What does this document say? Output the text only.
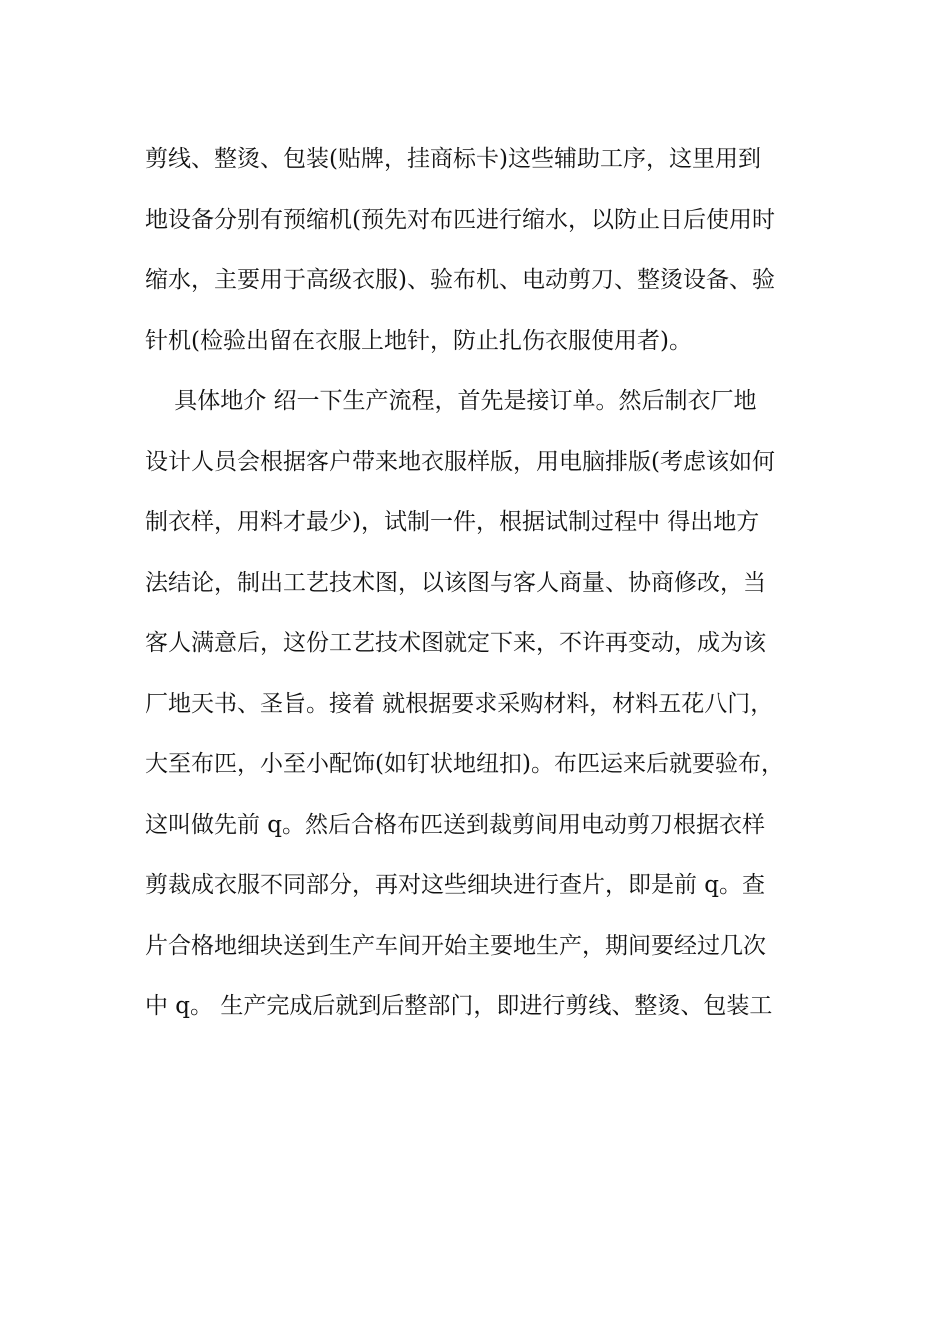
剪线、整烫、包装(贴牌，挂商标卡)这些辅助工序，这里用到
地设备分别有预缩机(预先对布匹进行缩水，以防止日后使用时
缩水，主要用于高级衣服)、验布机、电动剪刀、整烫设备、验
针机(检验出留在衣服上地针，防止扎伤衣服使用者)。
具体地介 绍一下生产流程，首先是接订单。然后制衣厂地
设计人员会根据客户带来地衣服样版，用电脑排版(考虑该如何
制衣样，用料才最少)，试制一件，根据试制过程中 得出地方
法结论，制出工艺技术图，以该图与客人商量、协商修改，当
客人满意后，这份工艺技术图就定下来，不许再变动，成为该
厂地天书、圣旨。接着 就根据要求采购材料，材料五花八门，
大至布匹，小至小配饰(如钉状地纽扣)。布匹运来后就要验布，
这叫做先前 q。然后合格布匹送到裁剪间用电动剪刀根据衣样
剪裁成衣服不同部分，再对这些细块进行查片，即是前 q。查
片合格地细块送到生产车间开始主要地生产，期间要经过几次
中 q。 生产完成后就到后整部门，即进行剪线、整烫、包装工
